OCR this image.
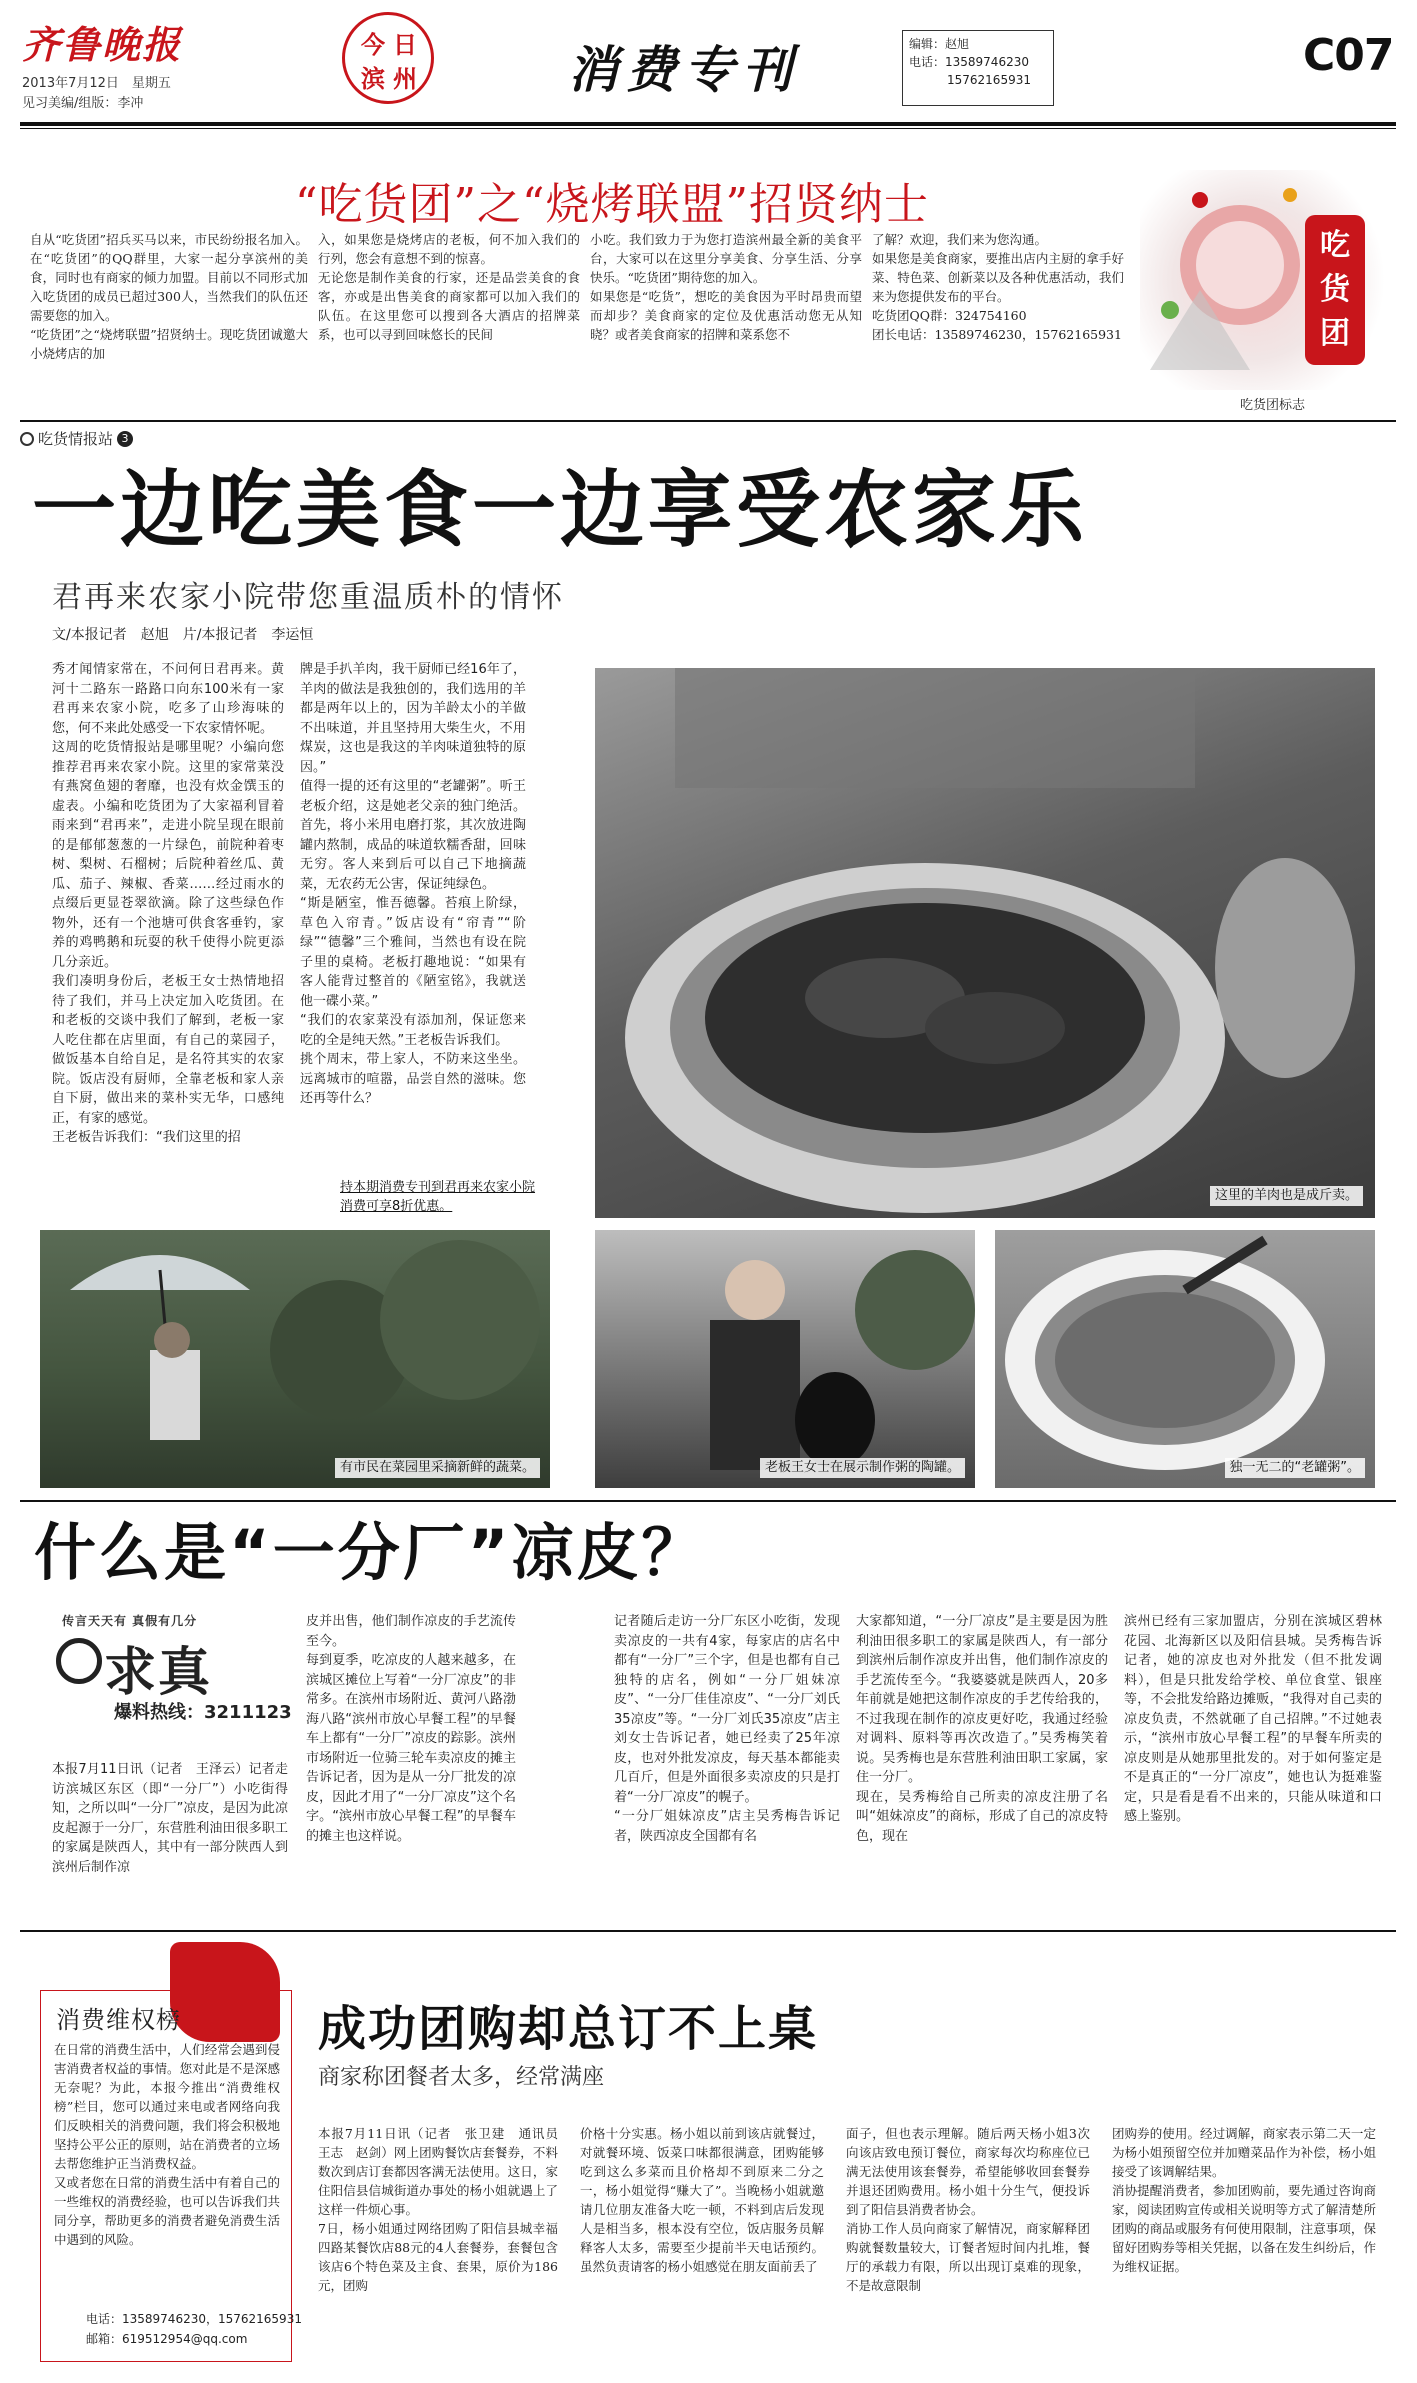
齐鲁晚报
2013年7月12日　星期五
见习美编/组版：李冲
今 日
滨 州	消费专刊	编辑：赵旭
电话：13589746230
15762165931	C07
“吃货团”之“烧烤联盟”招贤纳士
自从“吃货团”招兵买马以来，市民纷纷报名加入。在“吃货团”的QQ群里，大家一起分享滨州的美食，同时也有商家的倾力加盟。目前以不同形式加入吃货团的成员已超过300人，当然我们的队伍还需要您的加入。
“吃货团”之“烧烤联盟”招贤纳士。现吃货团诚邀大小烧烤店的加
入，如果您是烧烤店的老板，何不加入我们的行列，您会有意想不到的惊喜。
无论您是制作美食的行家，还是品尝美食的食客，亦或是出售美食的商家都可以加入我们的队伍。在这里您可以搜到各大酒店的招牌菜系，也可以寻到回味悠长的民间
小吃。我们致力于为您打造滨州最全新的美食平台，大家可以在这里分享美食、分享生活、分享快乐。“吃货团”期待您的加入。
如果您是“吃货”，想吃的美食因为平时昂贵而望而却步？美食商家的定位及优惠活动您无从知晓？或者美食商家的招牌和菜系您不
了解？欢迎，我们来为您沟通。
如果您是美食商家，要推出店内主厨的拿手好菜、特色菜、创新菜以及各种优惠活动，我们来为您提供发布的平台。
吃货团QQ群：324754160
团长电话：13589746230，15762165931
吃货团
吃货团标志
吃货情报站 3
一边吃美食一边享受农家乐
君再来农家小院带您重温质朴的情怀
文/本报记者　赵旭　片/本报记者　李运恒
秀才闻情家常在，不问何日君再来。黄河十二路东一路路口向东100米有一家君再来农家小院，吃多了山珍海味的您，何不来此处感受一下农家情怀呢。
这周的吃货情报站是哪里呢？小编向您推荐君再来农家小院。这里的家常菜没有燕窝鱼翅的奢靡，也没有炊金馔玉的虚表。小编和吃货团为了大家福利冒着雨来到“君再来”，走进小院呈现在眼前的是郁郁葱葱的一片绿色，前院种着枣树、梨树、石榴树；后院种着丝瓜、黄瓜、茄子、辣椒、香菜……经过雨水的点缀后更显苍翠欲滴。除了这些绿色作物外，还有一个池塘可供食客垂钓，家养的鸡鸭鹅和玩耍的秋千使得小院更添几分亲近。
我们凑明身份后，老板王女士热情地招待了我们，并马上决定加入吃货团。在和老板的交谈中我们了解到，老板一家人吃住都在店里面，有自己的菜园子，做饭基本自给自足，是名符其实的农家院。饭店没有厨师，全靠老板和家人亲自下厨，做出来的菜朴实无华，口感纯正，有家的感觉。
王老板告诉我们：“我们这里的招
牌是手扒羊肉，我干厨师已经16年了，羊肉的做法是我独创的，我们选用的羊都是两年以上的，因为羊龄太小的羊做不出味道，并且坚持用大柴生火，不用煤炭，这也是我这的羊肉味道独特的原因。”
值得一提的还有这里的“老罐粥”。听王老板介绍，这是她老父亲的独门绝活。首先，将小米用电磨打浆，其次放进陶罐内熬制，成品的味道软糯香甜，回味无穷。客人来到后可以自己下地摘蔬菜，无农药无公害，保证纯绿色。
“斯是陋室，惟吾德馨。苔痕上阶绿，草色入帘青。”饭店设有“帘青”“阶绿”“德馨”三个雅间，当然也有设在院子里的桌椅。老板打趣地说：“如果有客人能背过整首的《陋室铭》，我就送他一碟小菜。”
“我们的农家菜没有添加剂，保证您来吃的全是纯天然。”王老板告诉我们。
挑个周末，带上家人，不防来这坐坐。远离城市的喧嚣，品尝自然的滋味。您还再等什么？
持本期消费专刊到君再来农家小院消费可享8折优惠。
这里的羊肉也是成斤卖。
有市民在菜园里采摘新鲜的蔬菜。	老板王女士在展示制作粥的陶罐。	独一无二的“老罐粥”。
什么是“一分厂”凉皮？
传言天天有 真假有几分
求真
爆料热线：3211123
本报7月11日讯（记者　王泽云）记者走访滨城区东区（即“一分厂”）小吃街得知，之所以叫“一分厂”凉皮，是因为此凉皮起源于一分厂，东营胜利油田很多职工的家属是陕西人，其中有一部分陕西人到滨州后制作凉
皮并出售，他们制作凉皮的手艺流传至今。
每到夏季，吃凉皮的人越来越多，在滨城区摊位上写着“一分厂凉皮”的非常多。在滨州市场附近、黄河八路渤海八路“滨州市放心早餐工程”的早餐车上都有“一分厂”凉皮的踪影。滨州市场附近一位骑三轮车卖凉皮的摊主告诉记者，因为是从一分厂批发的凉皮，因此才用了“一分厂凉皮”这个名字。“滨州市放心早餐工程”的早餐车的摊主也这样说。
记者随后走访一分厂东区小吃街，发现卖凉皮的一共有4家，每家店的店名中都有“一分厂”三个字，但是也都有自己独特的店名，例如“一分厂姐妹凉皮”、“一分厂佳佳凉皮”、“一分厂刘氏35凉皮”等。“一分厂刘氏35凉皮”店主刘女士告诉记者，她已经卖了25年凉皮，也对外批发凉皮，每天基本都能卖几百斤，但是外面很多卖凉皮的只是打着“一分厂凉皮”的幌子。
“一分厂姐妹凉皮”店主吴秀梅告诉记者，陕西凉皮全国都有名
大家都知道，“一分厂凉皮”是主要是因为胜利油田很多职工的家属是陕西人，有一部分到滨州后制作凉皮并出售，他们制作凉皮的手艺流传至今。“我婆婆就是陕西人，20多年前就是她把这制作凉皮的手艺传给我的，不过我现在制作的凉皮更好吃，我通过经验对调料、原料等再次改造了。”吴秀梅笑着说。吴秀梅也是东营胜利油田职工家属，家住一分厂。
现在，吴秀梅给自己所卖的凉皮注册了名叫“姐妹凉皮”的商标，形成了自己的凉皮特色，现在
滨州已经有三家加盟店，分别在滨城区碧林花园、北海新区以及阳信县城。吴秀梅告诉记者，她的凉皮也对外批发（但不批发调料），但是只批发给学校、单位食堂、银座等，不会批发给路边摊贩，“我得对自己卖的凉皮负责，不然就砸了自己招牌。”不过她表示，“滨州市放心早餐工程”的早餐车所卖的凉皮则是从她那里批发的。对于如何鉴定是不是真正的“一分厂凉皮”，她也认为挺难鉴定，只是看是看不出来的，只能从味道和口感上鉴别。
消费维权榜
在日常的消费生活中，人们经常会遇到侵害消费者权益的事情。您对此是不是深感无奈呢？为此，本报今推出“消费维权榜”栏目，您可以通过来电或者网络向我们反映相关的消费问题，我们将会积极地坚持公平公正的原则，站在消费者的立场去帮您维护正当消费权益。
又或者您在日常的消费生活中有着自己的一些维权的消费经验，也可以告诉我们共同分享，帮助更多的消费者避免消费生活中遇到的风险。
电话：13589746230，15762165931
邮箱：619512954@qq.com
成功团购却总订不上桌
商家称团餐者太多，经常满座
本报7月11日讯（记者　张卫建　通讯员　王志　赵剑）网上团购餐饮店套餐券，不料数次到店订套都因客满无法使用。这日，家住阳信县信城街道办事处的杨小姐就遇上了这样一件烦心事。
7日，杨小姐通过网络团购了阳信县城幸福四路某餐饮店88元的4人套餐券，套餐包含该店6个特色菜及主食、套果，原价为186元，团购
价格十分实惠。杨小姐以前到该店就餐过，对就餐环境、饭菜口味都很满意，团购能够吃到这么多菜而且价格却不到原来二分之一，杨小姐觉得“赚大了”。当晚杨小姐就邀请几位朋友准备大吃一顿，不料到店后发现人是相当多，根本没有空位，饭店服务员解释客人太多，需要至少提前半天电话预约。虽然负责请客的杨小姐感觉在朋友面前丢了
面子，但也表示理解。随后两天杨小姐3次向该店致电预订餐位，商家每次均称座位已满无法使用该套餐券，希望能够收回套餐券并退还团购费用。杨小姐十分生气，便投诉到了阳信县消费者协会。
消协工作人员向商家了解情况，商家解释团购就餐数量较大，订餐者短时间内扎堆，餐厅的承载力有限，所以出现订桌难的现象，不是故意限制
团购券的使用。经过调解，商家表示第二天一定为杨小姐预留空位并加赠菜品作为补偿，杨小姐接受了该调解结果。
消协提醒消费者，参加团购前，要先通过咨询商家，阅读团购宣传或相关说明等方式了解清楚所团购的商品或服务有何使用限制，注意事项，保留好团购券等相关凭据，以备在发生纠纷后，作为维权证据。
